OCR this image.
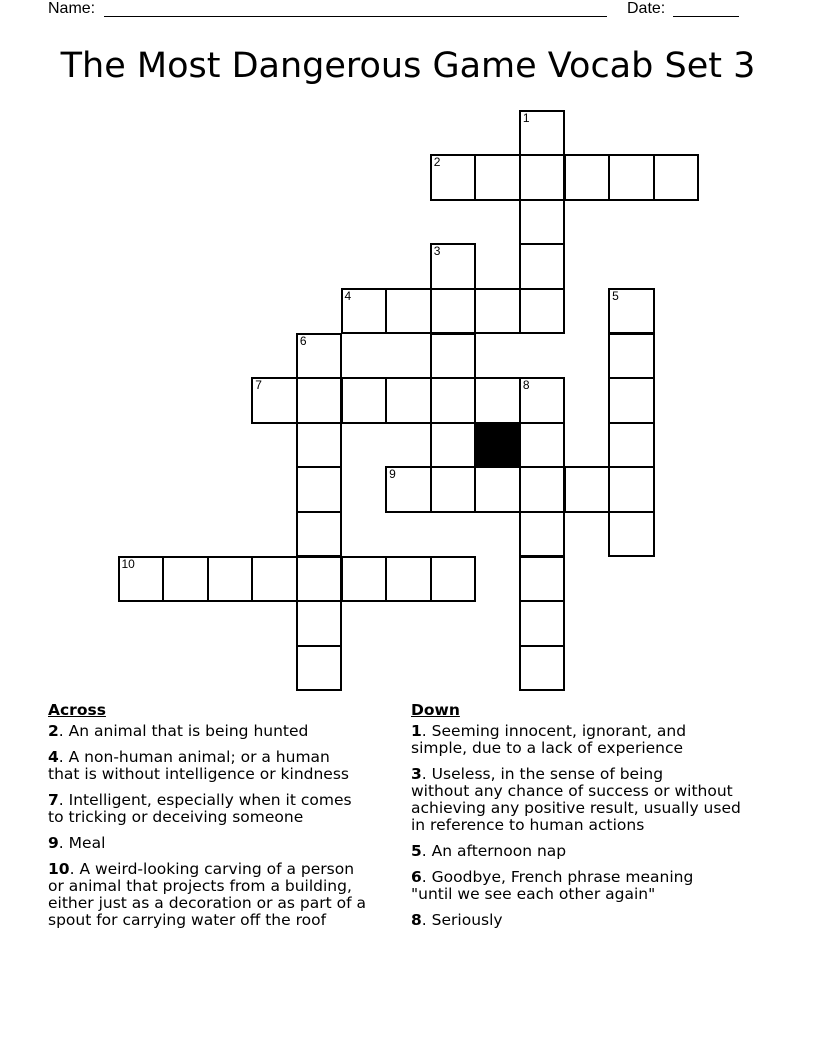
Name:	Date:
The Most Dangerous Game Vocab Set 3
1
2
3
4	5
6
7	8
9
10
Across
2. An animal that is being hunted
4. A non-human animal; or a human
that is without intelligence or kindness
7. Intelligent, especially when it comes
to tricking or deceiving someone
9. Meal
10. A weird-looking carving of a person
or animal that projects from a building,
either just as a decoration or as part of a
spout for carrying water off the roof
Down
1. Seeming innocent, ignorant, and
simple, due to a lack of experience
3. Useless, in the sense of being
without any chance of success or without
achieving any positive result, usually used
in reference to human actions
5. An afternoon nap
6. Goodbye, French phrase meaning
"until we see each other again"
8. Seriously
